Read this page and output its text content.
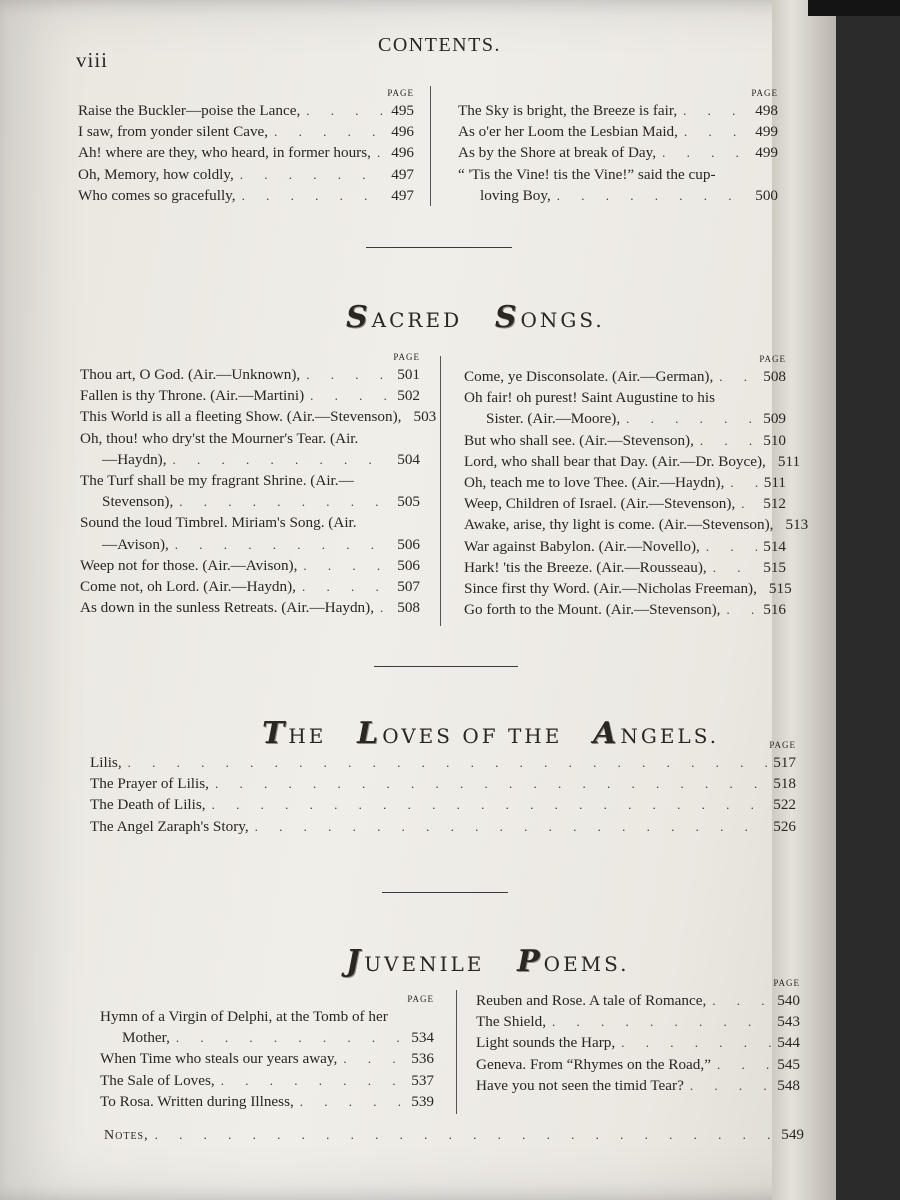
viii
CONTENTS.
PAGE
Raise the Buckler—poise the Lance, . . .	495
I saw, from yonder silent Cave, . . .	496
Ah! where are they, who heard, in former hours, . . . 496
Oh, Memory, how coldly, . . .	497
Who comes so gracefully, . . .	497
PAGE
The Sky is bright, the Breeze is fair, . . .	498
As o'er her Loom the Lesbian Maid, . . .	499
As by the Shore at break of Day, . . .	499
“ 'Tis the Vine! tis the Vine!” said the cup-
loving Boy, . . .	500
SACRED SONGS.
PAGE
Thou art, O God. (Air.—Unknown), . . .	501
Fallen is thy Throne. (Air.—Martini) . . .	502
This World is all a fleeting Show. (Air.—Stevenson), 503
Oh, thou! who dry'st the Mourner's Tear. (Air.
—Haydn), . . .	504
The Turf shall be my fragrant Shrine. (Air.—
Stevenson), . . .	505
Sound the loud Timbrel. Miriam's Song. (Air.
—Avison), . . .	506
Weep not for those. (Air.—Avison), . . .	506
Come not, oh Lord. (Air.—Haydn), . . .	507
As down in the sunless Retreats. (Air.—Haydn), . . . 508
PAGE
Come, ye Disconsolate. (Air.—German), . . .	508
Oh fair! oh purest! Saint Augustine to his
Sister. (Air.—Moore), . . .	509
But who shall see. (Air.—Stevenson), . . .	510
Lord, who shall bear that Day. (Air.—Dr. Boyce), 511
Oh, teach me to love Thee. (Air.—Haydn), . . .	511
Weep, Children of Israel. (Air.—Stevenson), . . . 512
Awake, arise, thy light is come. (Air.—Stevenson), 513
War against Babylon. (Air.—Novello), . . .	514
Hark! 'tis the Breeze. (Air.—Rousseau), . . .	515
Since first thy Word. (Air.—Nicholas Freeman), 515
Go forth to the Mount. (Air.—Stevenson), . . .	516
THE LOVES OF THE ANGELS.	PAGE
Lilis, . . .	517
The Prayer of Lilis, . . .	518
The Death of Lilis, . . .	522
The Angel Zaraph's Story, . . .	526
JUVENILE POEMS.
PAGE
Hymn of a Virgin of Delphi, at the Tomb of her
Mother, . . .	534
When Time who steals our years away, . . .	536
The Sale of Loves, . . .	537
To Rosa. Written during Illness, . . .	539
PAGE
Reuben and Rose. A tale of Romance, . . .	540
The Shield, . . .	543
Light sounds the Harp, . . .	544
Geneva. From “Rhymes on the Road,” . . .	545
Have you not seen the timid Tear? . . .	548
Notes, . . .	549
